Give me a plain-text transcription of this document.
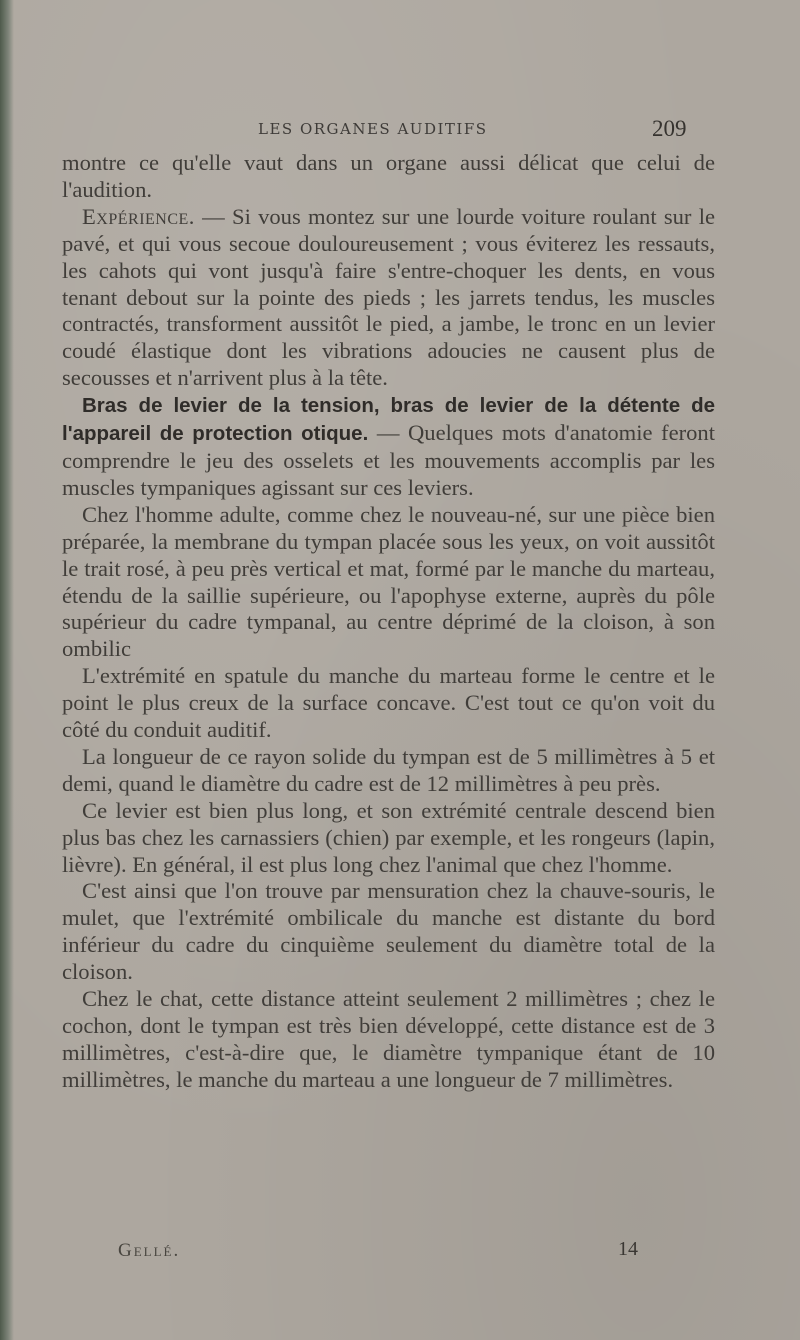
LES ORGANES AUDITIFS	209

montre ce qu'elle vaut dans un organe aussi délicat que celui de l'audition.

Expérience. — Si vous montez sur une lourde voiture roulant sur le pavé, et qui vous secoue douloureusement ; vous éviterez les ressauts, les cahots qui vont jusqu'à faire s'entre-choquer les dents, en vous tenant debout sur la pointe des pieds ; les jarrets tendus, les muscles contractés, transforment aussitôt le pied, a jambe, le tronc en un levier coudé élastique dont les vibrations adoucies ne causent plus de secousses et n'arrivent plus à la tête.

Bras de levier de la tension, bras de levier de la détente de l'appareil de protection otique. — Quelques mots d'anatomie feront comprendre le jeu des osselets et les mouvements accomplis par les muscles tympaniques agissant sur ces leviers.

Chez l'homme adulte, comme chez le nouveau-né, sur une pièce bien préparée, la membrane du tympan placée sous les yeux, on voit aussitôt le trait rosé, à peu près vertical et mat, formé par le manche du marteau, étendu de la saillie supérieure, ou l'apophyse externe, auprès du pôle supérieur du cadre tympanal, au centre déprimé de la cloison, à son ombilic

L'extrémité en spatule du manche du marteau forme le centre et le point le plus creux de la surface concave. C'est tout ce qu'on voit du côté du conduit auditif.

La longueur de ce rayon solide du tympan est de 5 millimètres à 5 et demi, quand le diamètre du cadre est de 12 millimètres à peu près.

Ce levier est bien plus long, et son extrémité centrale descend bien plus bas chez les carnassiers (chien) par exemple, et les rongeurs (lapin, lièvre). En général, il est plus long chez l'animal que chez l'homme.

C'est ainsi que l'on trouve par mensuration chez la chauve-souris, le mulet, que l'extrémité ombilicale du manche est distante du bord inférieur du cadre du cinquième seulement du diamètre total de la cloison.

Chez le chat, cette distance atteint seulement 2 millimètres ; chez le cochon, dont le tympan est très bien développé, cette distance est de 3 millimètres, c'est-à-dire que, le diamètre tympanique étant de 10 millimètres, le manche du marteau a une longueur de 7 millimètres.

Gellé.	14
